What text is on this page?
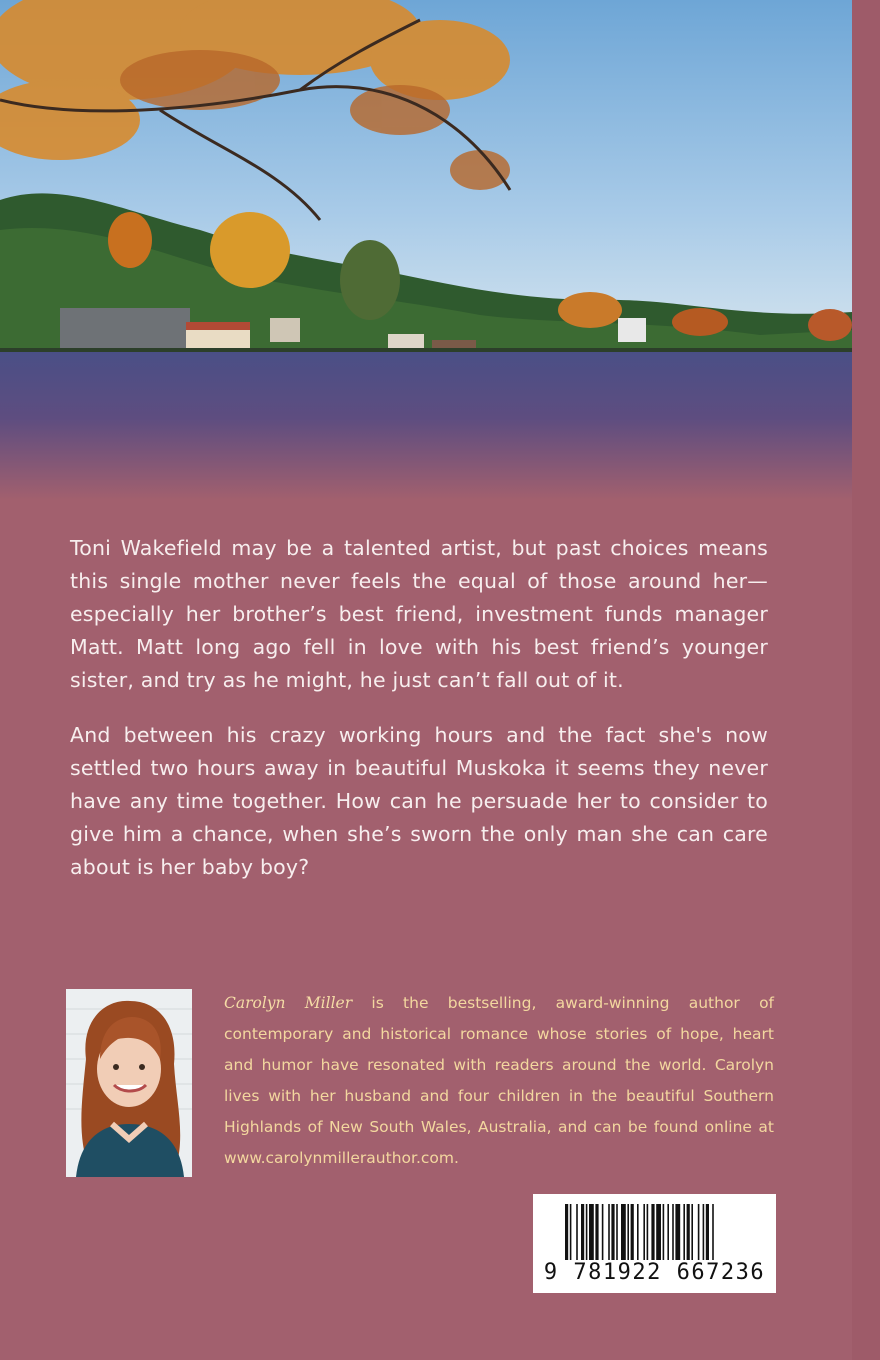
Toni Wakefield may be a talented artist, but past choices means this single mother never feels the equal of those around her—especially her brother’s best friend, investment funds manager Matt. Matt long ago fell in love with his best friend’s younger sister, and try as he might, he just can’t fall out of it.

And between his crazy working hours and the fact she's now settled two hours away in beautiful Muskoka it seems they never have any time together. How can he persuade her to consider to give him a chance, when she’s sworn the only man she can care about is her baby boy?

Carolyn Miller is the bestselling, award-winning author of contemporary and historical romance whose stories of hope, heart and humor have resonated with readers around the world. Carolyn lives with her husband and four children in the beautiful Southern Highlands of New South Wales, Australia, and can be found online at www.carolynmillerauthor.com.
9 781922 667236
